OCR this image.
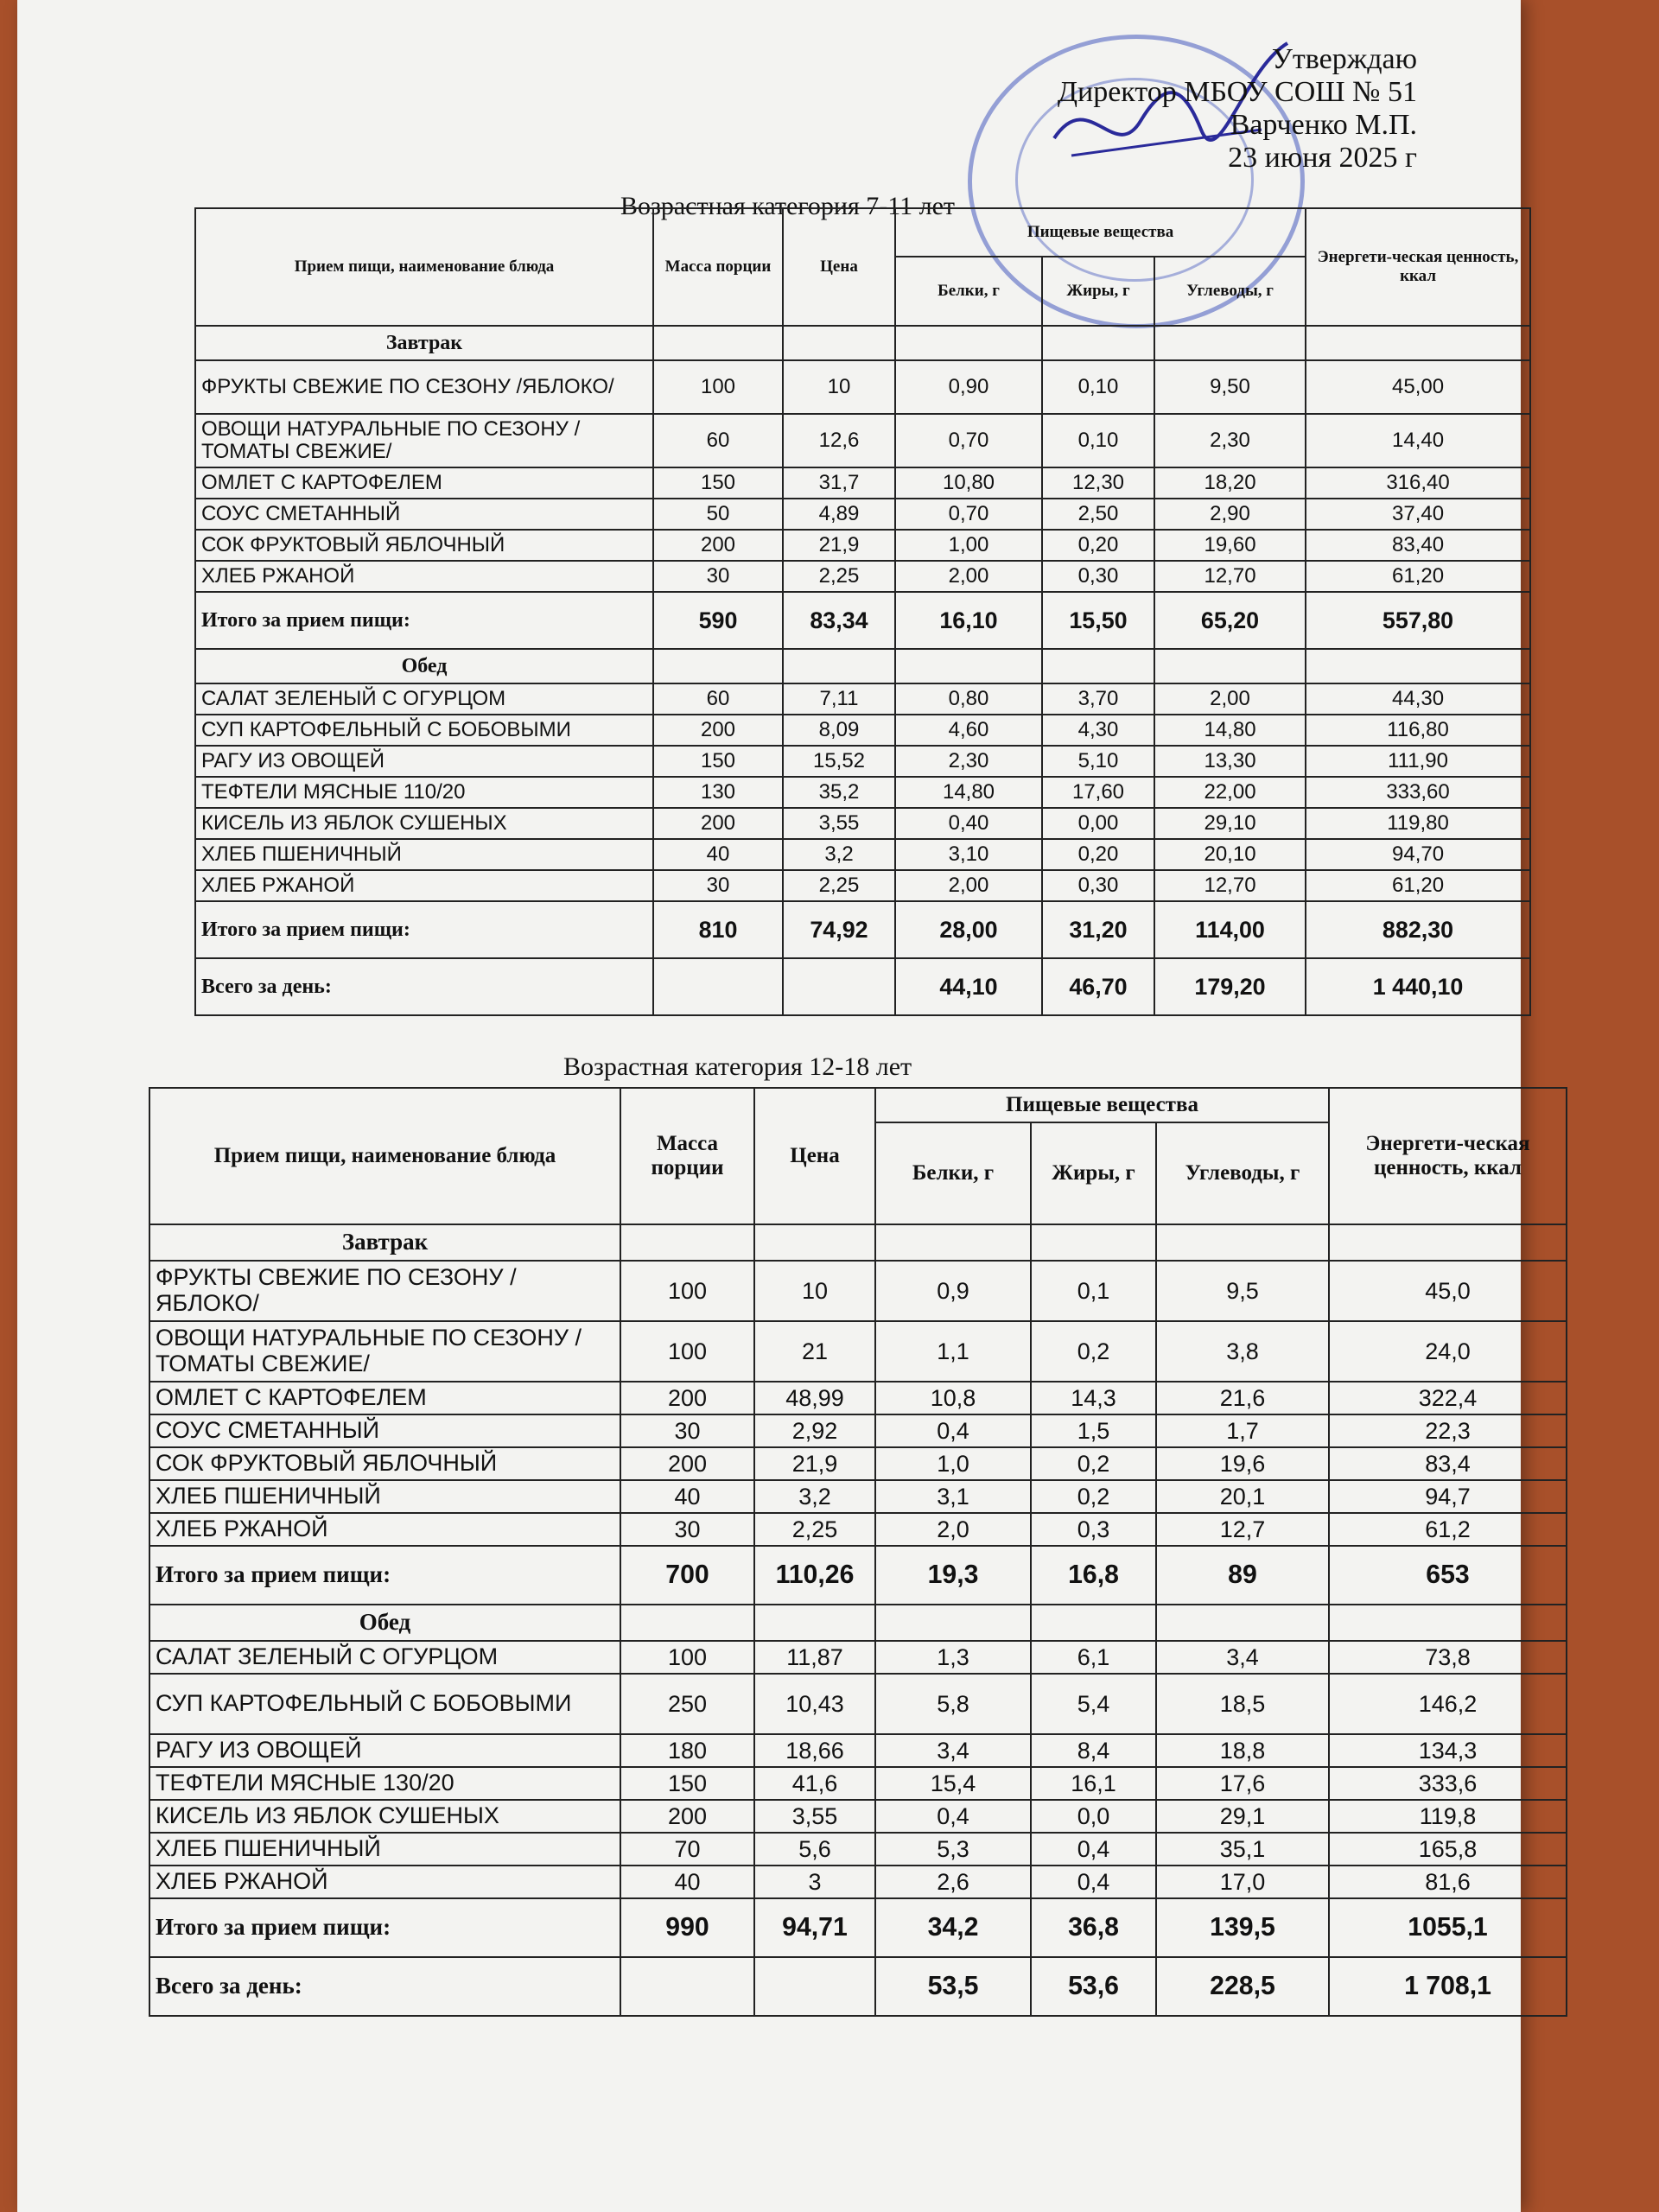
Утверждаю
Директор МБОУ СОШ № 51
Варченко М.П.
23 июня 2025 г
Возрастная категория 7-11 лет
Прием пищи, наименование блюда	Масса порции	Цена	Пищевые вещества			Энергети-ческая ценность, ккал
			Белки, г	Жиры, г	Углеводы, г	
Завтрак						
ФРУКТЫ СВЕЖИЕ ПО СЕЗОНУ /ЯБЛОКО/	100	10	0,90	0,10	9,50	45,00
ОВОЩИ НАТУРАЛЬНЫЕ ПО СЕЗОНУ /ТОМАТЫ СВЕЖИЕ/	60	12,6	0,70	0,10	2,30	14,40
ОМЛЕТ С КАРТОФЕЛЕМ	150	31,7	10,80	12,30	18,20	316,40
СОУС СМЕТАННЫЙ	50	4,89	0,70	2,50	2,90	37,40
СОК ФРУКТОВЫЙ ЯБЛОЧНЫЙ	200	21,9	1,00	0,20	19,60	83,40
ХЛЕБ РЖАНОЙ	30	2,25	2,00	0,30	12,70	61,20
Итого за прием пищи:	590	83,34	16,10	15,50	65,20	557,80
Обед						
САЛАТ ЗЕЛЕНЫЙ С ОГУРЦОМ	60	7,11	0,80	3,70	2,00	44,30
СУП КАРТОФЕЛЬНЫЙ С БОБОВЫМИ	200	8,09	4,60	4,30	14,80	116,80
РАГУ ИЗ ОВОЩЕЙ	150	15,52	2,30	5,10	13,30	111,90
ТЕФТЕЛИ МЯСНЫЕ 110/20	130	35,2	14,80	17,60	22,00	333,60
КИСЕЛЬ ИЗ ЯБЛОК СУШЕНЫХ	200	3,55	0,40	0,00	29,10	119,80
ХЛЕБ ПШЕНИЧНЫЙ	40	3,2	3,10	0,20	20,10	94,70
ХЛЕБ РЖАНОЙ	30	2,25	2,00	0,30	12,70	61,20
Итого за прием пищи:	810	74,92	28,00	31,20	114,00	882,30
Всего за день:			44,10	46,70	179,20	1 440,10
Возрастная категория 12-18 лет
Прием пищи, наименование блюда	Масса порции	Цена	Пищевые вещества			Энергети-ческая ценность, ккал
			Белки, г	Жиры, г	Углеводы, г	
Завтрак						
ФРУКТЫ СВЕЖИЕ ПО СЕЗОНУ /ЯБЛОКО/	100	10	0,9	0,1	9,5	45,0
ОВОЩИ НАТУРАЛЬНЫЕ ПО СЕЗОНУ /ТОМАТЫ СВЕЖИЕ/	100	21	1,1	0,2	3,8	24,0
ОМЛЕТ С КАРТОФЕЛЕМ	200	48,99	10,8	14,3	21,6	322,4
СОУС СМЕТАННЫЙ	30	2,92	0,4	1,5	1,7	22,3
СОК ФРУКТОВЫЙ ЯБЛОЧНЫЙ	200	21,9	1,0	0,2	19,6	83,4
ХЛЕБ ПШЕНИЧНЫЙ	40	3,2	3,1	0,2	20,1	94,7
ХЛЕБ РЖАНОЙ	30	2,25	2,0	0,3	12,7	61,2
Итого за прием пищи:	700	110,26	19,3	16,8	89	653
Обед						
САЛАТ ЗЕЛЕНЫЙ С ОГУРЦОМ	100	11,87	1,3	6,1	3,4	73,8
СУП КАРТОФЕЛЬНЫЙ С БОБОВЫМИ	250	10,43	5,8	5,4	18,5	146,2
РАГУ ИЗ ОВОЩЕЙ	180	18,66	3,4	8,4	18,8	134,3
ТЕФТЕЛИ МЯСНЫЕ 130/20	150	41,6	15,4	16,1	17,6	333,6
КИСЕЛЬ ИЗ ЯБЛОК СУШЕНЫХ	200	3,55	0,4	0,0	29,1	119,8
ХЛЕБ ПШЕНИЧНЫЙ	70	5,6	5,3	0,4	35,1	165,8
ХЛЕБ РЖАНОЙ	40	3	2,6	0,4	17,0	81,6
Итого за прием пищи:	990	94,71	34,2	36,8	139,5	1055,1
Всего за день:			53,5	53,6	228,5	1 708,1
